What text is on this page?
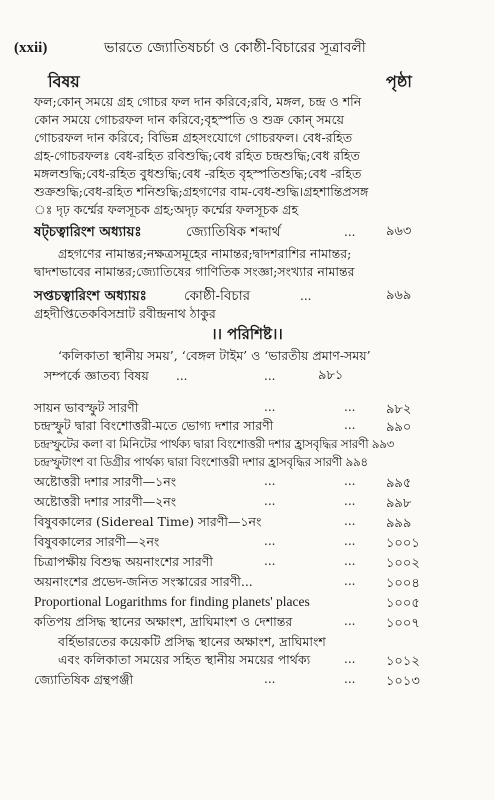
(xxii)	ভারতে জ্যোতিষচর্চা ও কোষ্ঠী-বিচারের সূত্রাবলী
বিষয়	পৃষ্ঠা
ফল;কোন্ সময়ে গ্রহ গোচর ফল দান করিবে;রবি, মঙ্গল, চন্দ্র ও শনি
কোন সময়ে গোচরফল দান করিবে;বৃহস্পতি ও শুক্র কোন্ সময়ে
গোচরফল দান করিবে; বিভিন্ন গ্রহসংযোগে গোচরফল। বেধ-রহিত
গ্রহ-গোচরফলঃ বেধ-রহিত রবিশুদ্ধি;বেধ রহিত চন্দ্রশুদ্ধি;বেধ রহিত
মঙ্গলশুদ্ধি;বেধ-রহিত বুধশুদ্ধি;বেধ -রহিত বৃহস্পতিশুদ্ধি;বেধ -রহিত
শুক্রশুদ্ধি;বেধ-রহিত শনিশুদ্ধি;গ্রহগণের বাম-বেধ-শুদ্ধি।গ্রহশান্তিপ্রসঙ্গ
ঃ দৃঢ় কর্ম্মের ফলসূচক গ্রহ;অদৃঢ় কর্ম্মের ফলসূচক গ্রহ
ষট্চত্বারিংশ অধ্যায়ঃ	জ্যোতিষিক শব্দার্থ	... ৯৬৩
গ্রহগণের নামান্তর;নক্ষত্রসমূহের নামান্তর;দ্বাদশরাশির নামান্তর;
দ্বাদশভাবের নামান্তর;জ্যোতিষের গাণিতিক সংজ্ঞা;সংখ্যার নামান্তর
সপ্তচত্বারিংশ অধ্যায়ঃ	কোষ্ঠী-বিচার	...	৯৬৯
গ্রহদীপ্তিতেকবিসম্রাট রবীন্দ্রনাথ ঠাকুর
।। পরিশিষ্ট।।
‘কলিকাতা স্থানীয় সময়’, ‘বেঙ্গল টাইম’ ও ‘ভারতীয় প্রমাণ-সময়’
সম্পর্কে জ্ঞাতব্য বিষয় ...	...	৯৮১
সায়ন ভাবস্ফুট সারণী	...	... ৯৮২
চন্দ্রস্ফুট দ্বারা বিংশোত্তরী-মতে ভোগ্য দশার সারণী	... ৯৯০
চন্দ্রস্ফুটের কলা বা মিনিটের পার্থক্য দ্বারা বিংশোত্তরী দশার হ্রাসবৃদ্ধির সারণী ৯৯৩
চন্দ্রস্ফুটাংশ বা ডিগ্রীর পার্থক্য দ্বারা বিংশোত্তরী দশার হ্রাসবৃদ্ধির সারণী ৯৯৪
অষ্টোত্তরী দশার সারণী—১নং	...	... ৯৯৫
অষ্টোত্তরী দশার সারণী—২নং	...	... ৯৯৮
বিষুবকালের (Sidereal Time) সারণী—১নং	... ৯৯৯
বিষুবকালের সারণী—২নং	...	... ১০০১
চিত্রাপক্ষীয় বিশুদ্ধ অয়নাংশের সারণী	...	... ১০০২
অয়নাংশের প্রভেদ-জনিত সংস্কারের সারণী...	... ১০০৪
Proportional Logarithms for finding planets' places	১০০৫
কতিপয় প্রসিদ্ধ স্থানের অক্ষাংশ, দ্রাঘিমাংশ ও দেশান্তর	... ১০০৭
বর্হিভারতের কয়েকটি প্রসিদ্ধ স্থানের অক্ষাংশ, দ্রাঘিমাংশ
এবং কলিকাতা সময়ের সহিত স্থানীয় সময়ের পার্থক্য	... ১০১২
জ্যোতিষিক গ্রন্থপঞ্জী	...	... ১০১৩
